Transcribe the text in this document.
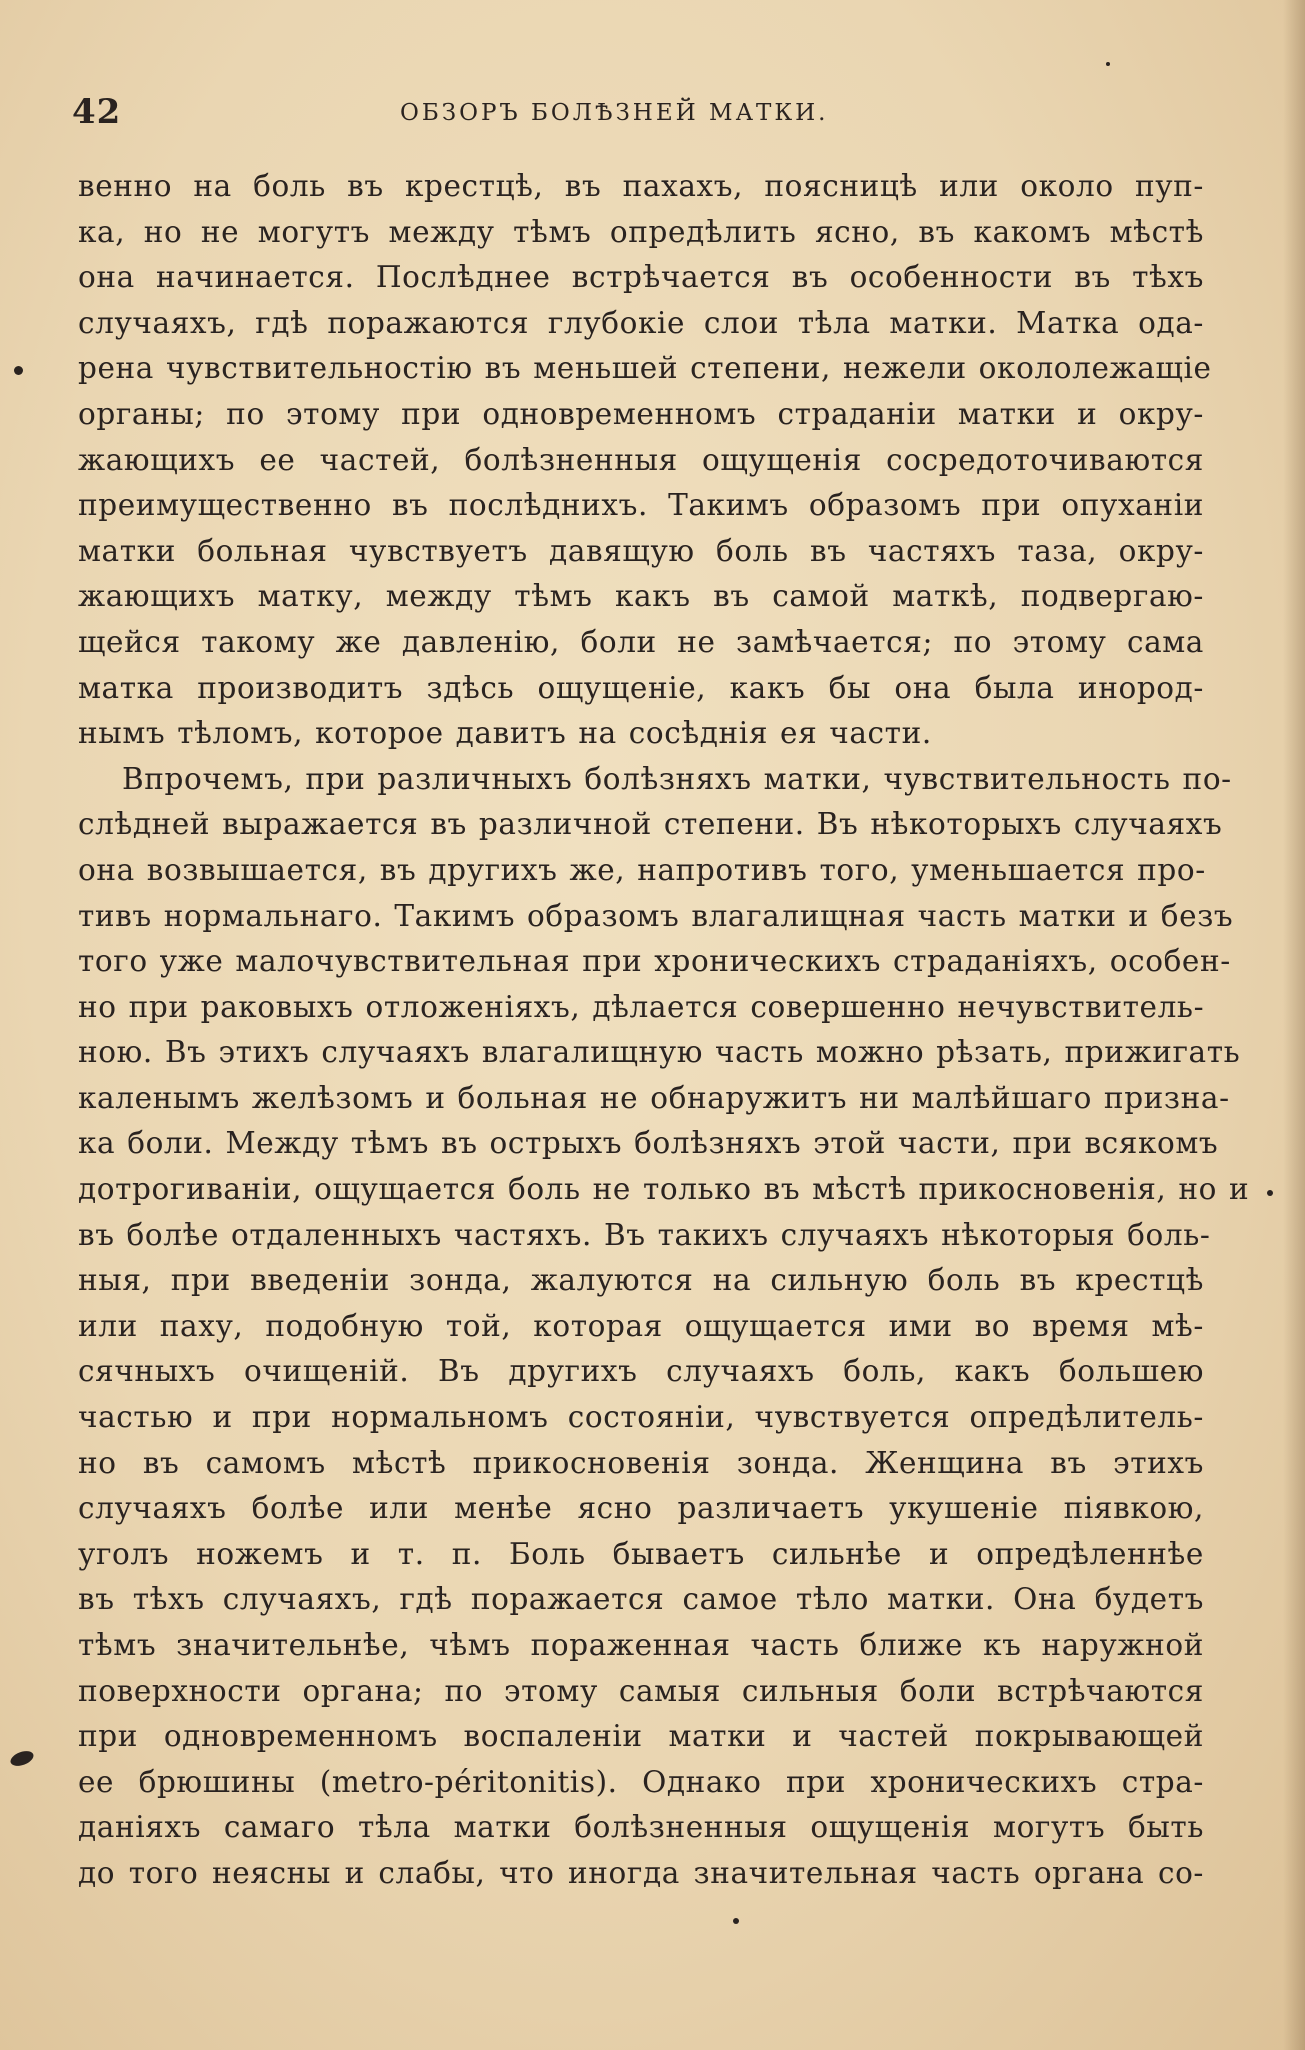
42	ОБЗОРЪ БОЛѢЗНЕЙ МАТКИ.
венно на боль въ крестцѣ, въ пахахъ, поясницѣ или около пуп-
ка, но не могутъ между тѣмъ опредѣлить ясно, въ какомъ мѣстѣ
она начинается. Послѣднее встрѣчается въ особенности въ тѣхъ
случаяхъ, гдѣ поражаются глубокіе слои тѣла матки. Матка ода-
рена чувствительностію въ меньшей степени, нежели окололежащіе
органы; по этому при одновременномъ страданіи матки и окру-
жающихъ ее частей, болѣзненныя ощущенія сосредоточиваются
преимущественно въ послѣднихъ. Такимъ образомъ при опуханіи
матки больная чувствуетъ давящую боль въ частяхъ таза, окру-
жающихъ матку, между тѣмъ какъ въ самой маткѣ, подвергаю-
щейся такому же давленію, боли не замѣчается; по этому сама
матка производитъ здѣсь ощущеніе, какъ бы она была инород-
нымъ тѣломъ, которое давитъ на сосѣднія ея части.
Впрочемъ, при различныхъ болѣзняхъ матки, чувствительность по-
слѣдней выражается въ различной степени. Въ нѣкоторыхъ случаяхъ
она возвышается, въ другихъ же, напротивъ того, уменьшается про-
тивъ нормальнаго. Такимъ образомъ влагалищная часть матки и безъ
того уже малочувствительная при хроническихъ страданіяхъ, особен-
но при раковыхъ отложеніяхъ, дѣлается совершенно нечувствитель-
ною. Въ этихъ случаяхъ влагалищную часть можно рѣзать, прижигать
каленымъ желѣзомъ и больная не обнаружитъ ни малѣйшаго призна-
ка боли. Между тѣмъ въ острыхъ болѣзняхъ этой части, при всякомъ
дотрогиваніи, ощущается боль не только въ мѣстѣ прикосновенія, но и
въ болѣе отдаленныхъ частяхъ. Въ такихъ случаяхъ нѣкоторыя боль-
ныя, при введеніи зонда, жалуются на сильную боль въ крестцѣ
или паху, подобную той, которая ощущается ими во время мѣ-
сячныхъ очищеній. Въ другихъ случаяхъ боль, какъ большею
частью и при нормальномъ состояніи, чувствуется опредѣлитель-
но въ самомъ мѣстѣ прикосновенія зонда. Женщина въ этихъ
случаяхъ болѣе или менѣе ясно различаетъ укушеніе піявкою,
уголъ ножемъ и т. п. Боль бываетъ сильнѣе и опредѣленнѣе
въ тѣхъ случаяхъ, гдѣ поражается самое тѣло матки. Она будетъ
тѣмъ значительнѣе, чѣмъ пораженная часть ближе къ наружной
поверхности органа; по этому самыя сильныя боли встрѣчаются
при одновременномъ воспаленіи матки и частей покрывающей
ее брюшины (metro-péritonitis). Однако при хроническихъ стра-
даніяхъ самаго тѣла матки болѣзненныя ощущенія могутъ быть
до того неясны и слабы, что иногда значительная часть органа со-
